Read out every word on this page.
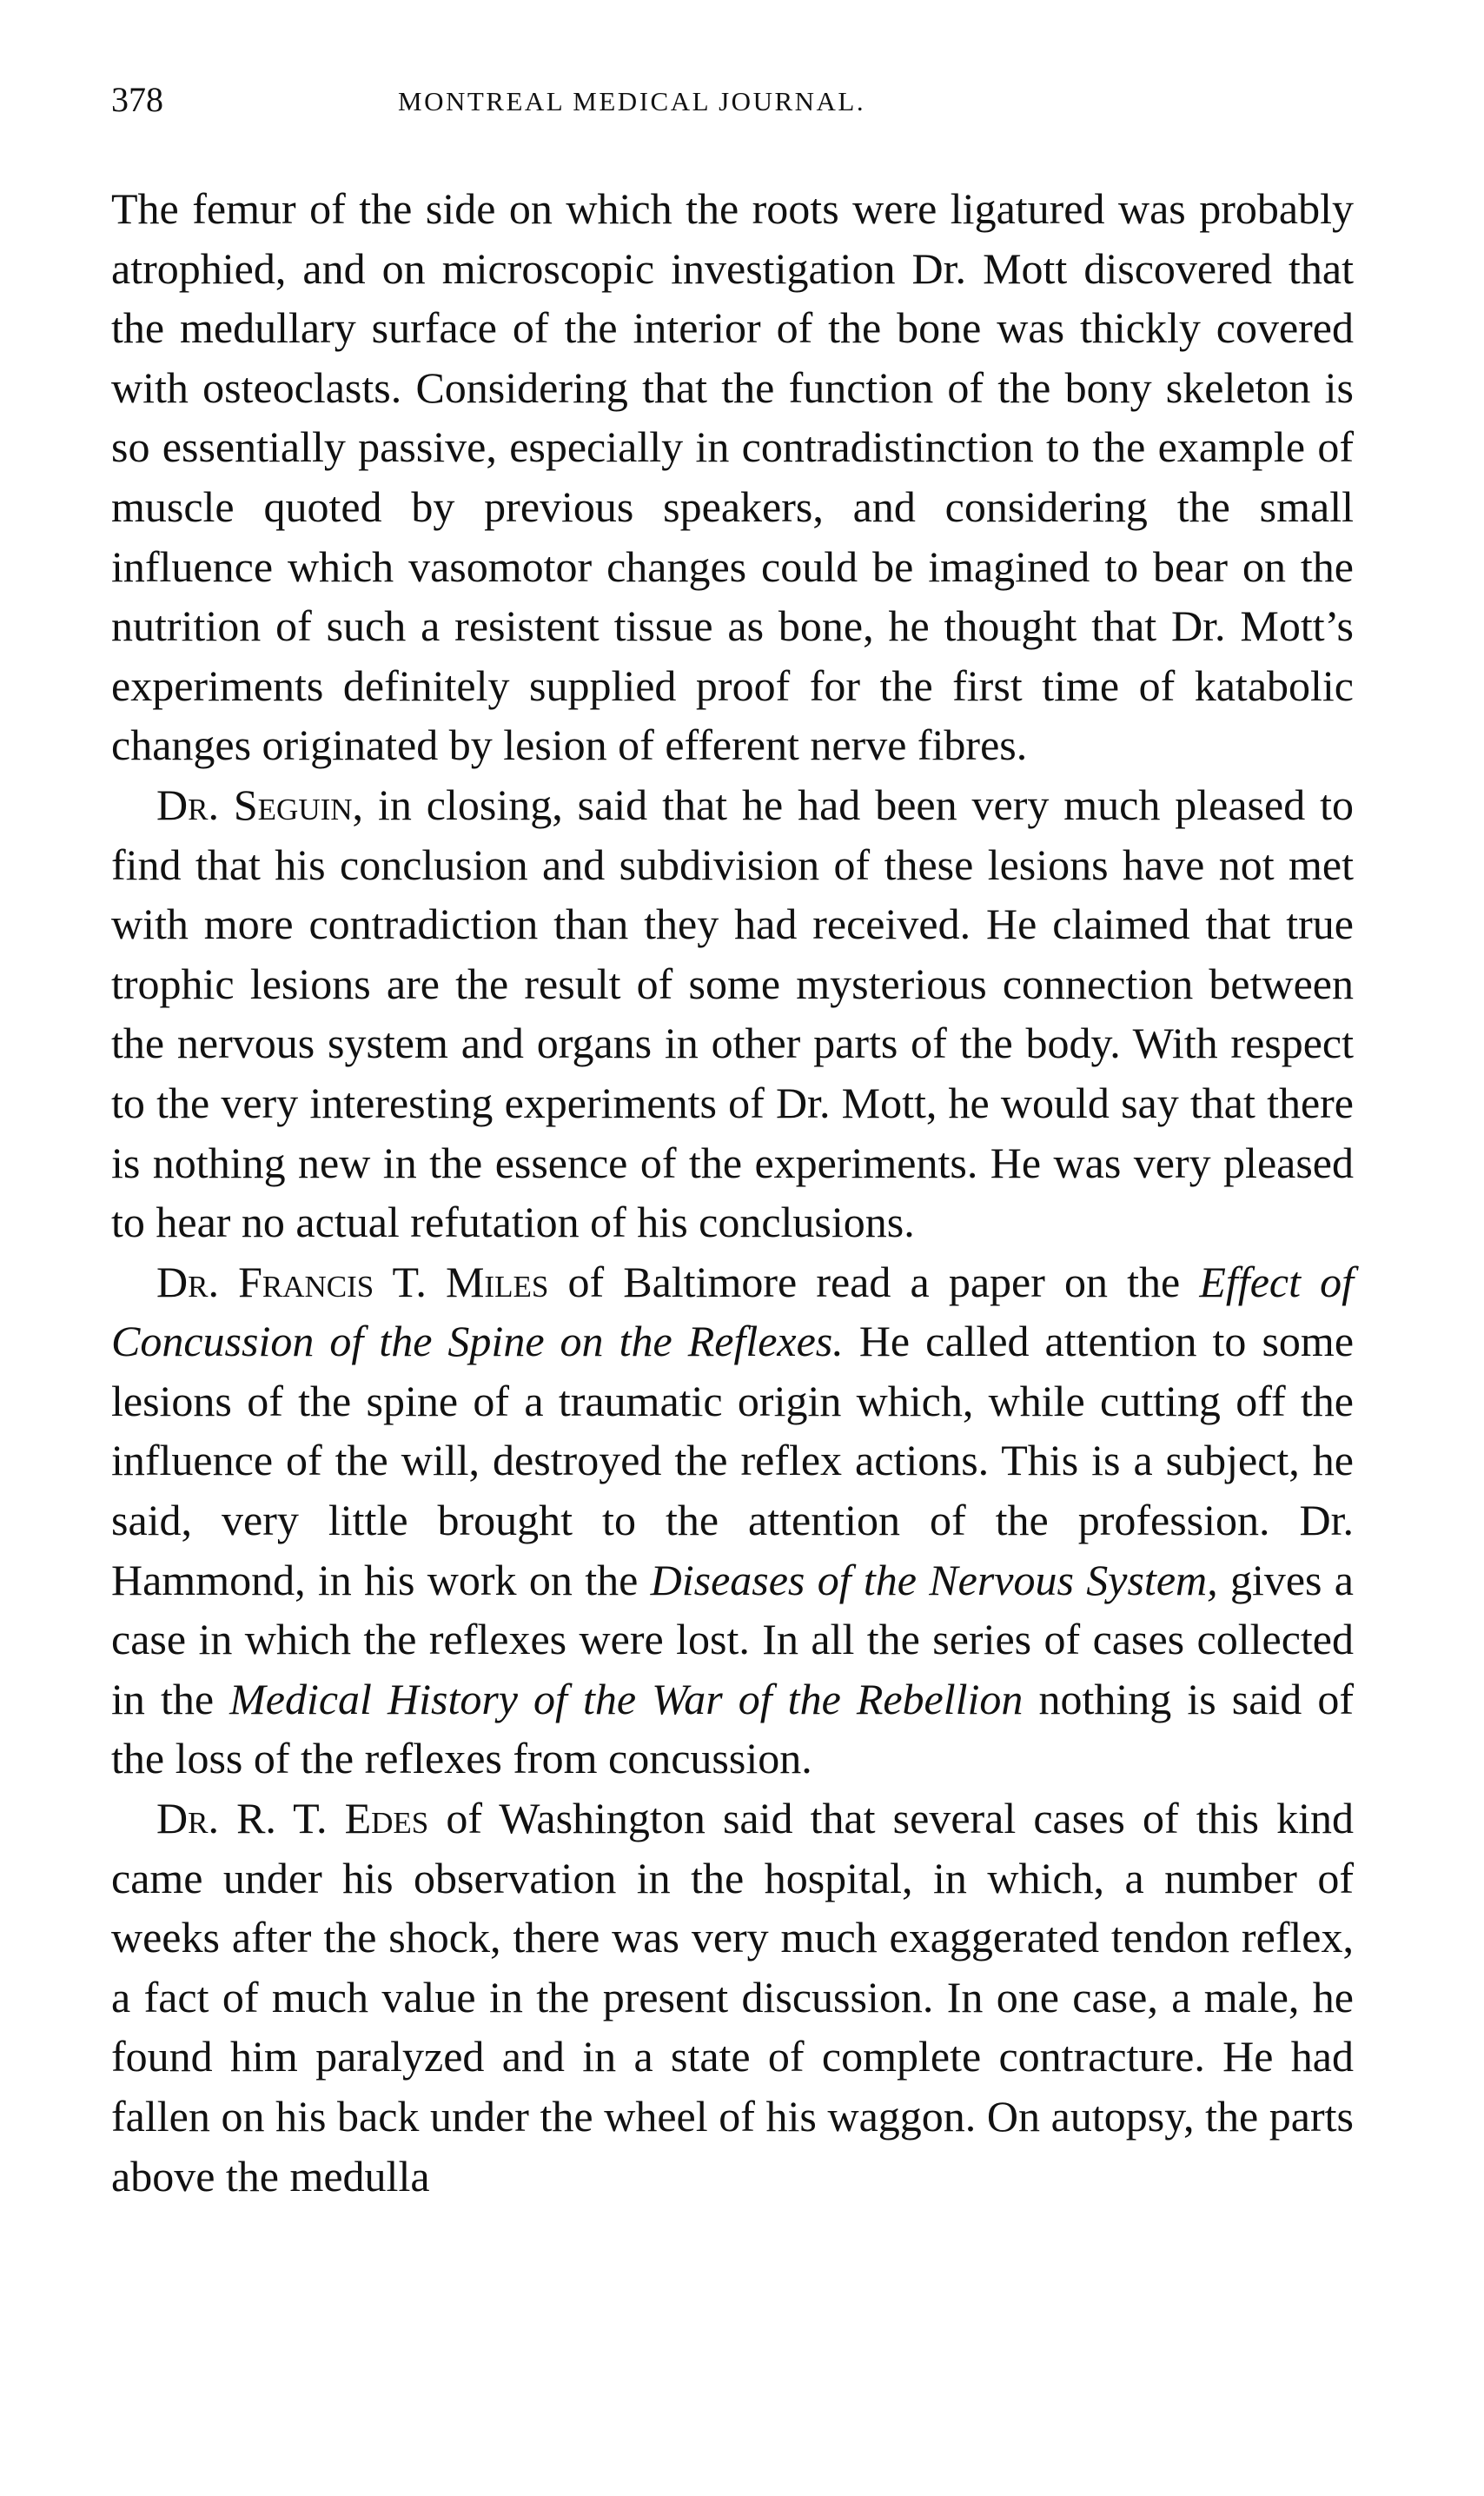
378	MONTREAL MEDICAL JOURNAL.

The femur of the side on which the roots were ligatured was probably atrophied, and on microscopic investigation Dr. Mott discovered that the medullary surface of the interior of the bone was thickly covered with osteoclasts. Considering that the function of the bony skeleton is so essentially passive, especially in contradistinction to the example of muscle quoted by previous speakers, and considering the small influence which vasomotor changes could be imagined to bear on the nutrition of such a resistent tissue as bone, he thought that Dr. Mott’s experiments definitely supplied proof for the first time of katabolic changes originated by lesion of efferent nerve fibres.

Dr. Seguin, in closing, said that he had been very much pleased to find that his conclusion and subdivision of these lesions have not met with more contradiction than they had received. He claimed that true trophic lesions are the result of some mysterious connection between the nervous system and organs in other parts of the body. With respect to the very interesting experiments of Dr. Mott, he would say that there is nothing new in the essence of the experiments. He was very pleased to hear no actual refutation of his conclusions.

Dr. Francis T. Miles of Baltimore read a paper on the Effect of Concussion of the Spine on the Reflexes. He called attention to some lesions of the spine of a traumatic origin which, while cutting off the influence of the will, destroyed the reflex actions. This is a subject, he said, very little brought to the attention of the profession. Dr. Hammond, in his work on the Diseases of the Nervous System, gives a case in which the reflexes were lost. In all the series of cases collected in the Medical History of the War of the Rebellion nothing is said of the loss of the reflexes from concussion.

Dr. R. T. Edes of Washington said that several cases of this kind came under his observation in the hospital, in which, a number of weeks after the shock, there was very much exaggerated tendon reflex, a fact of much value in the present discussion. In one case, a male, he found him paralyzed and in a state of complete contracture. He had fallen on his back under the wheel of his waggon. On autopsy, the parts above the medulla
